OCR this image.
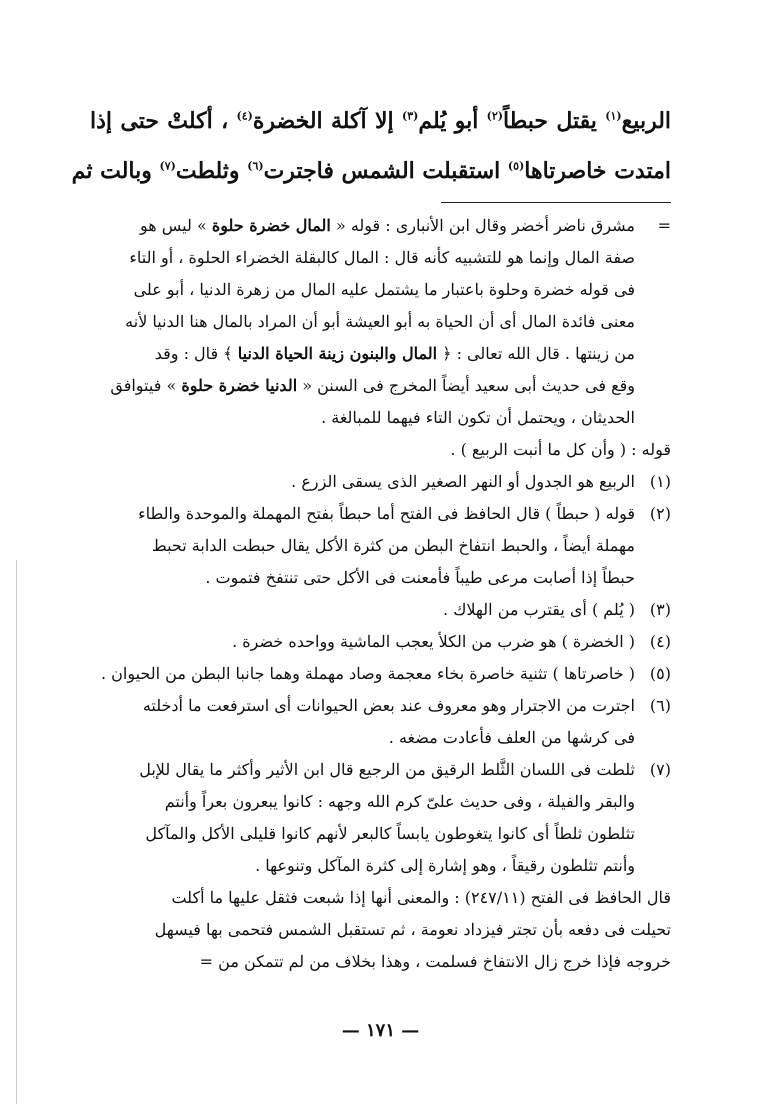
الربيع$^{(١)}$ يقتل حبطاً$^{(٢)}$ أبو يُلم$^{(٣)}$ إلا آكلة الخضرة$^{(٤)}$ ، أكلتْ حتى إذا
امتدت خاصرتاها$^{(٥)}$ استقبلت الشمس فاجترت$^{(٦)}$ وثلطت$^{(٧)}$ وبالت ثم
=
مشرق ناضر أخضر وقال ابن الأنبارى : قوله « المال خضرة حلوة » ليس هو
صفة المال وإنما هو للتشبيه كأنه قال : المال كالبقلة الخضراء الحلوة ، أو التاء
فى قوله خضرة وحلوة باعتبار ما يشتمل عليه المال من زهرة الدنيا ، أبو على
معنى فائدة المال أى أن الحياة به أبو العيشة أبو أن المراد بالمال هنا الدنيا لأنه
من زينتها . قال الله تعالى : ﴿ المال والبنون زينة الحياة الدنيا ﴾ قال : وقد
وقع فى حديث أبى سعيد أيضاً المخرج فى السنن « الدنيا خضرة حلوة » فيتوافق
الحديثان ، ويحتمل أن تكون التاء فيهما للمبالغة .
قوله : ( وأن كل ما أنبت الربيع ) .
(١)
الربيع هو الجدول أو النهر الصغير الذى يسقى الزرع .
(٢)
قوله ( حبطاً ) قال الحافظ فى الفتح أما حبطاً بفتح المهملة والموحدة والطاء
مهملة أيضاً ، والحبط انتفاخ البطن من كثرة الأكل يقال حبطت الدابة تحبط
حبطاً إذا أصابت مرعى طيباً فأمعنت فى الأكل حتى تنتفخ فتموت .
(٣)
( يُلم ) أى يقترب من الهلاك .
(٤)
( الخضرة ) هو ضرب من الكلأ يعجب الماشية وواحده خضرة .
(٥)
( خاصرتاها ) تثنية خاصرة بخاء معجمة وصاد مهملة وهما جانبا البطن من الحيوان .
(٦)
اجترت من الاجترار وهو معروف عند بعض الحيوانات أى استرفعت ما أدخلته
فى كرشها من العلف فأعادت مضغه .
(٧)
ثلطت فى اللسان الثَّلط الرقيق من الرجيع قال ابن الأثير وأكثر ما يقال للإبل
والبقر والفيلة ، وفى حديث علىّ كرم الله وجهه : كانوا يبعرون بعراً وأنتم
تثلطون ثلطاً أى كانوا يتغوطون يابساً كالبعر لأنهم كانوا قليلى الأكل والمآكل
وأنتم تثلطون رقيقاً ، وهو إشارة إلى كثرة المآكل وتنوعها .
قال الحافظ فى الفتح (٢٤٧/١١) : والمعنى أنها إذا شبعت فثقل عليها ما أكلت
تحيلت فى دفعه بأن تجتر فيزداد نعومة ، ثم تستقبل الشمس فتحمى بها فيسهل
خروجه فإذا خرج زال الانتفاخ فسلمت ، وهذا بخلاف من لم تتمكن من =
— ١٧١ —
